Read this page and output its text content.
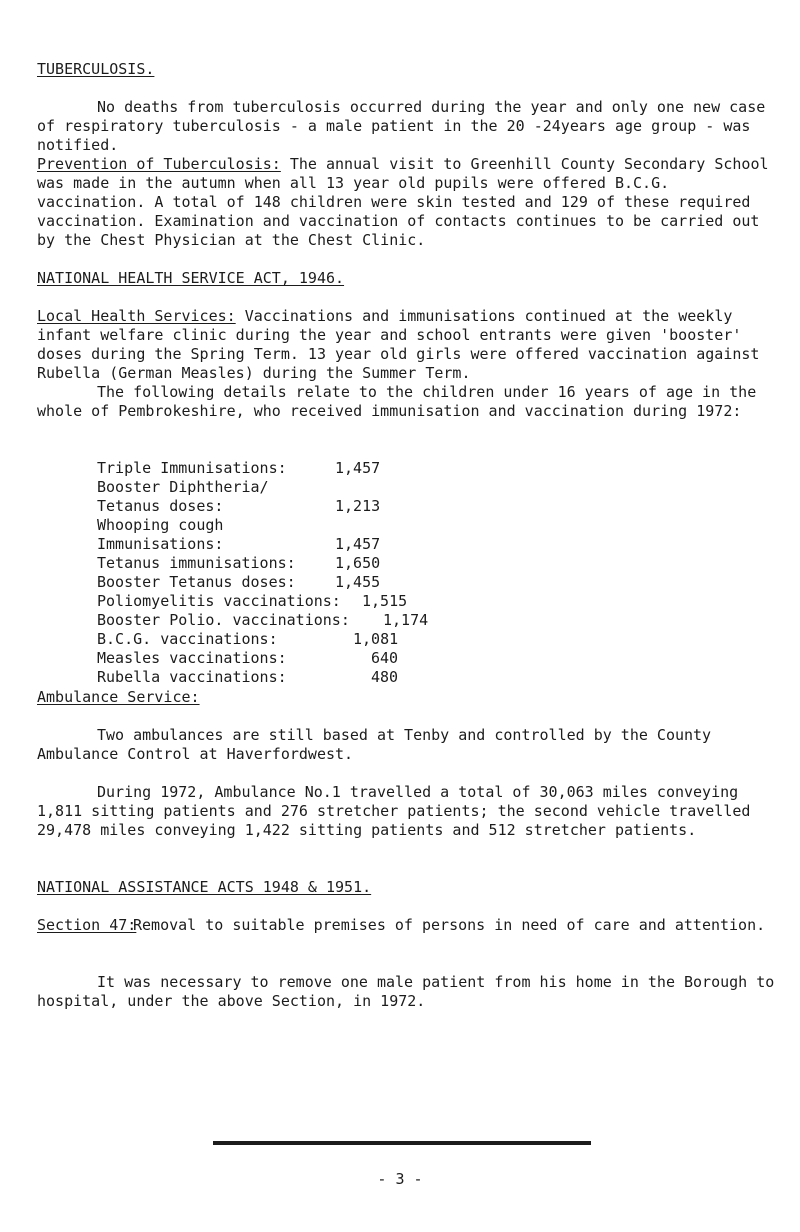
TUBERCULOSIS.

No deaths from tuberculosis occurred during the year and only one new case of respiratory tuberculosis - a male patient in the 20 -24years age group - was notified.

Prevention of Tuberculosis: The annual visit to Greenhill County Secondary School was made in the autumn when all 13 year old pupils were offered B.C.G. vaccination. A total of 148 children were skin tested and 129 of these required vaccination. Examination and vaccination of contacts continues to be carried out by the Chest Physician at the Chest Clinic.

NATIONAL HEALTH SERVICE ACT, 1946.

Local Health Services: Vaccinations and immunisations continued at the weekly infant welfare clinic during the year and school entrants were given 'booster' doses during the Spring Term. 13 year old girls were offered vaccination against Rubella (German Measles) during the Summer Term.

The following details relate to the children under 16 years of age in the whole of Pembrokeshire, who received immunisation and vaccination during 1972:

Triple Immunisations:	1,457
Booster Diphtheria/
Tetanus doses:	1,213
Whooping cough
Immunisations:	1,457
Tetanus immunisations:	1,650
Booster Tetanus doses:	1,455
Poliomyelitis vaccinations: 1,515
Booster Polio. vaccinations: 1,174
B.C.G. vaccinations:	1,081
Measles vaccinations:	640
Rubella vaccinations:	480

Ambulance Service:

Two ambulances are still based at Tenby and controlled by the County Ambulance Control at Haverfordwest.

During 1972, Ambulance No.1 travelled a total of 30,063 miles conveying 1,811 sitting patients and 276 stretcher patients; the second vehicle travelled 29,478 miles conveying 1,422 sitting patients and 512 stretcher patients.

NATIONAL ASSISTANCE ACTS 1948 & 1951.

Section 47:

Removal to suitable premises of persons in need of care and attention.

It was necessary to remove one male patient from his home in the Borough to hospital, under the above Section, in 1972.

- 3 -
